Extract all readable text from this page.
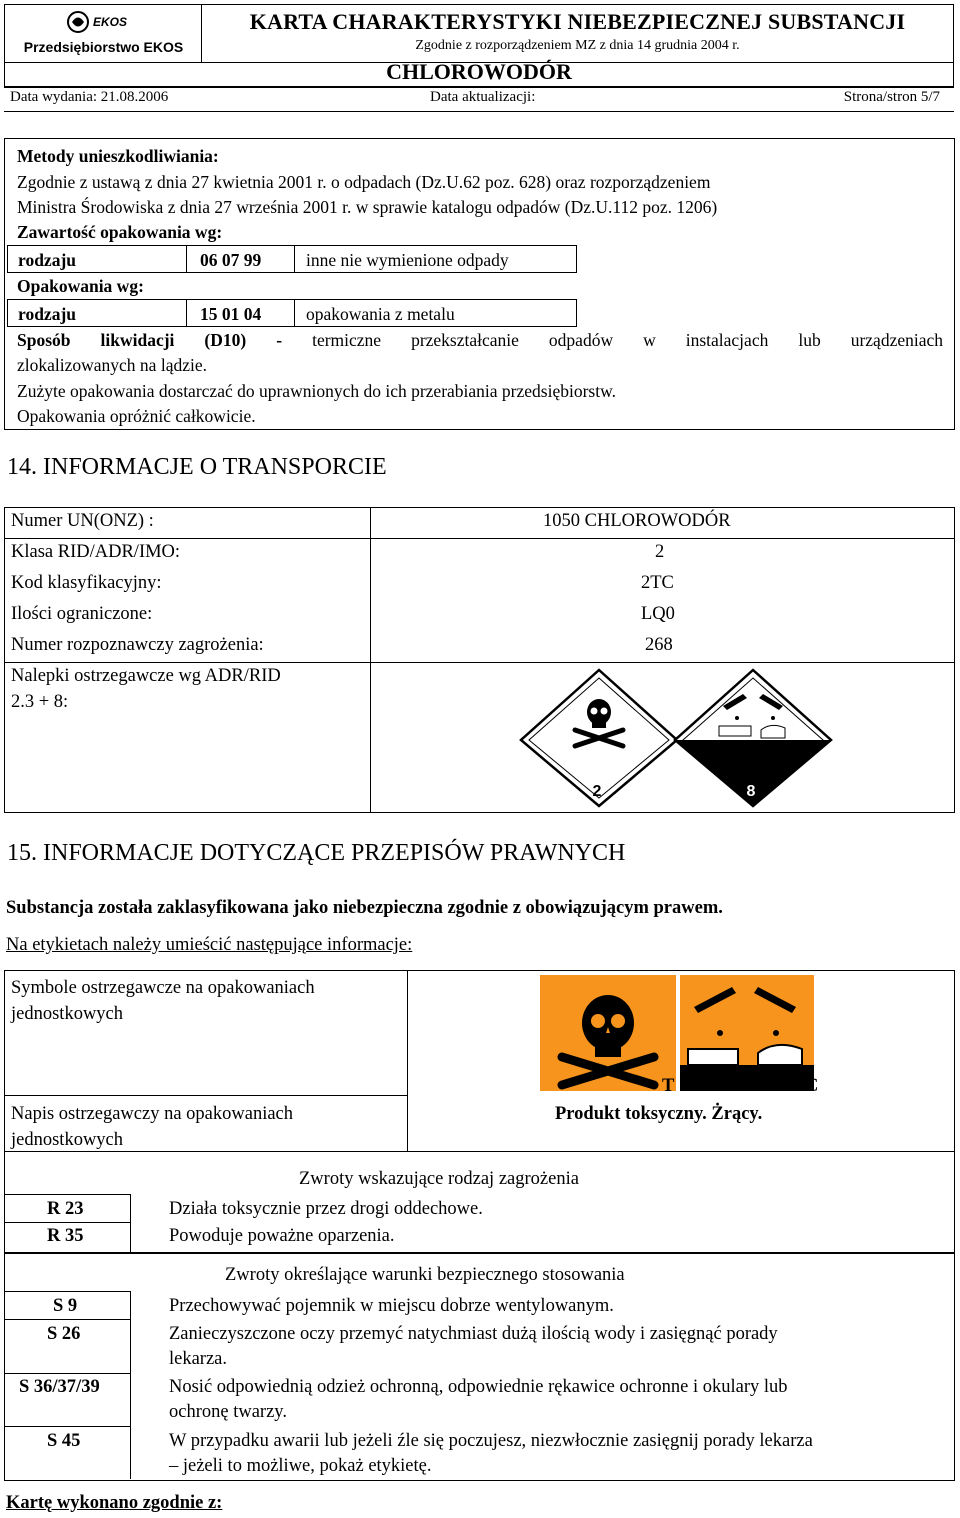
EKOS
Przedsiębiorstwo EKOS
KARTA CHARAKTERYSTYKI NIEBEZPIECZNEJ SUBSTANCJI
Zgodnie z rozporządzeniem MZ z dnia 14 grudnia 2004 r.
CHLOROWODÓR
Data wydania: 21.08.2006	Data aktualizacji:	Strona/stron 5/7
Metody unieszkodliwiania:
Zgodnie z ustawą z dnia 27 kwietnia 2001 r. o odpadach (Dz.U.62 poz. 628) oraz rozporządzeniem
Ministra Środowiska z dnia 27 września 2001 r. w sprawie katalogu odpadów (Dz.U.112 poz. 1206)
Zawartość opakowania wg:
rodzaju	06 07 99	inne nie wymienione odpady
Opakowania wg:
rodzaju	15 01 04	opakowania z metalu
Sposób likwidacji (D10) - termiczne przekształcanie odpadów w instalacjach lub urządzeniach
zlokalizowanych na lądzie.
Zużyte opakowania dostarczać do uprawnionych do ich przerabiania przedsiębiorstw.
Opakowania opróżnić całkowicie.
14. INFORMACJE O TRANSPORCIE
Numer UN(ONZ) :	1050 CHLOROWODÓR
Klasa RID/ADR/IMO:	2
Kod klasyfikacyjny:	2TC
Ilości ograniczone:	LQ0
Numer rozpoznawczy zagrożenia:	268
Nalepki ostrzegawcze wg ADR/RID
2.3 + 8:
2	8
15. INFORMACJE DOTYCZĄCE PRZEPISÓW PRAWNYCH
Substancja została zaklasyfikowana jako niebezpieczna zgodnie z obowiązującym prawem.
Na etykietach należy umieścić następujące informacje:
Symbole ostrzegawcze na opakowaniach
jednostkowych
Napis ostrzegawczy na opakowaniach
jednostkowych
T	C
Produkt toksyczny. Żrący.
Zwroty wskazujące rodzaj zagrożenia
R 23	Działa toksycznie przez drogi oddechowe.
R 35	Powoduje poważne oparzenia.
Zwroty określające warunki bezpiecznego stosowania
S 9	Przechowywać pojemnik w miejscu dobrze wentylowanym.
S 26	Zanieczyszczone oczy przemyć natychmiast dużą ilością wody i zasięgnąć porady
lekarza.
S 36/37/39	Nosić odpowiednią odzież ochronną, odpowiednie rękawice ochronne i okulary lub
ochronę twarzy.
S 45	W przypadku awarii lub jeżeli źle się poczujesz, niezwłocznie zasięgnij porady lekarza
– jeżeli to możliwe, pokaż etykietę.
Kartę wykonano zgodnie z:
